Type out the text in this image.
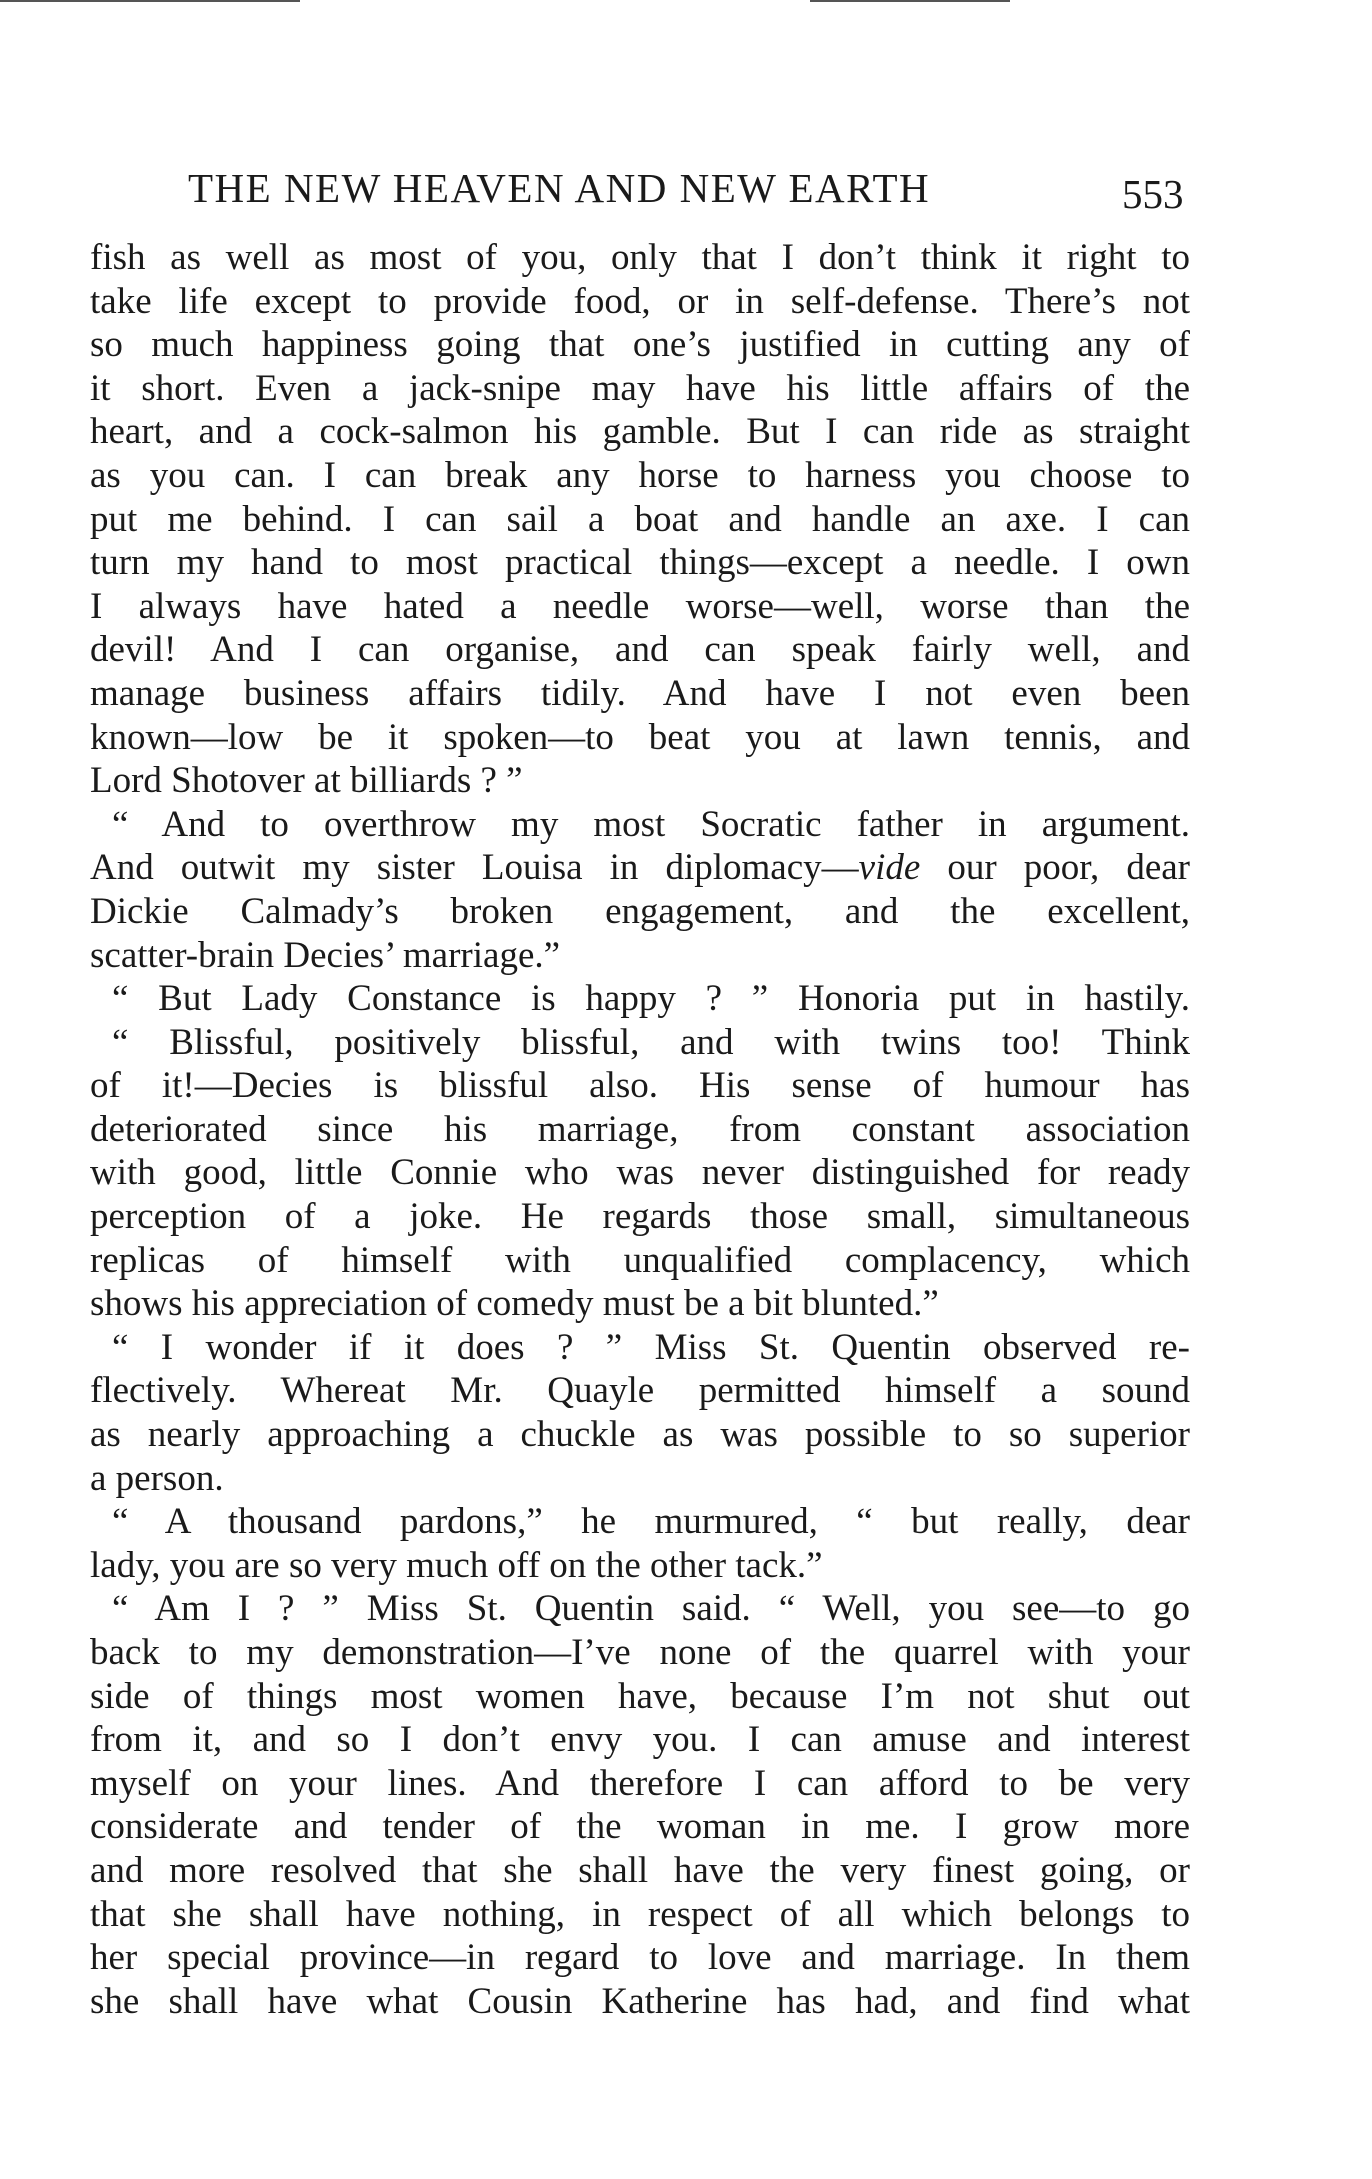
THE NEW HEAVEN AND NEW EARTH	553
fish as well as most of you, only that I don’t think it right to
take life except to provide food, or in self-defense. There’s not
so much happiness going that one’s justified in cutting any of
it short. Even a jack-snipe may have his little affairs of the
heart, and a cock-salmon his gamble. But I can ride as straight
as you can. I can break any horse to harness you choose to
put me behind. I can sail a boat and handle an axe. I can
turn my hand to most practical things—except a needle. I own
I always have hated a needle worse—well, worse than the
devil! And I can organise, and can speak fairly well, and
manage business affairs tidily. And have I not even been
known—low be it spoken—to beat you at lawn tennis, and
Lord Shotover at billiards ? ”
“ And to overthrow my most Socratic father in argument.
And outwit my sister Louisa in diplomacy—vide our poor, dear
Dickie Calmady’s broken engagement, and the excellent,
scatter-brain Decies’ marriage.”
“ But Lady Constance is happy ? ” Honoria put in hastily.
“ Blissful, positively blissful, and with twins too! Think
of it!—Decies is blissful also. His sense of humour has
deteriorated since his marriage, from constant association
with good, little Connie who was never distinguished for ready
perception of a joke. He regards those small, simultaneous
replicas of himself with unqualified complacency, which
shows his appreciation of comedy must be a bit blunted.”
“ I wonder if it does ? ” Miss St. Quentin observed re-
flectively. Whereat Mr. Quayle permitted himself a sound
as nearly approaching a chuckle as was possible to so superior
a person.
“ A thousand pardons,” he murmured, “ but really, dear
lady, you are so very much off on the other tack.”
“ Am I ? ” Miss St. Quentin said. “ Well, you see—to go
back to my demonstration—I’ve none of the quarrel with your
side of things most women have, because I’m not shut out
from it, and so I don’t envy you. I can amuse and interest
myself on your lines. And therefore I can afford to be very
considerate and tender of the woman in me. I grow more
and more resolved that she shall have the very finest going, or
that she shall have nothing, in respect of all which belongs to
her special province—in regard to love and marriage. In them
she shall have what Cousin Katherine has had, and find what
